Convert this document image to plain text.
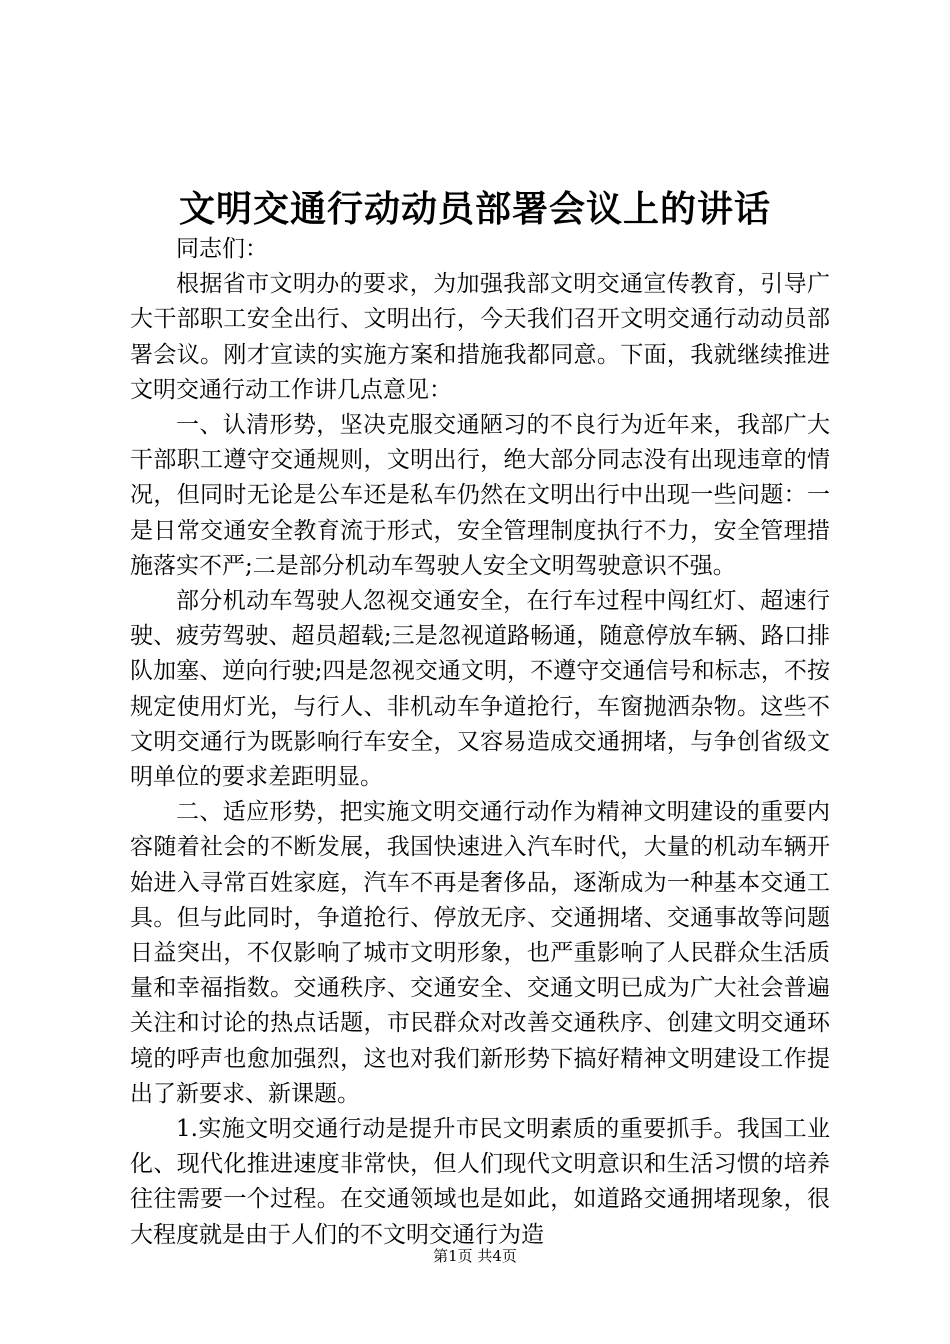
文明交通行动动员部署会议上的讲话

同志们：

根据省市文明办的要求，为加强我部文明交通宣传教育，引导广大干部职工安全出行、文明出行，今天我们召开文明交通行动动员部署会议。刚才宣读的实施方案和措施我都同意。下面，我就继续推进文明交通行动工作讲几点意见：

一、认清形势，坚决克服交通陋习的不良行为近年来，我部广大干部职工遵守交通规则，文明出行，绝大部分同志没有出现违章的情况，但同时无论是公车还是私车仍然在文明出行中出现一些问题：一是日常交通安全教育流于形式，安全管理制度执行不力，安全管理措施落实不严;二是部分机动车驾驶人安全文明驾驶意识不强。

部分机动车驾驶人忽视交通安全，在行车过程中闯红灯、超速行驶、疲劳驾驶、超员超载;三是忽视道路畅通，随意停放车辆、路口排队加塞、逆向行驶;四是忽视交通文明，不遵守交通信号和标志，不按规定使用灯光，与行人、非机动车争道抢行，车窗抛洒杂物。这些不文明交通行为既影响行车安全，又容易造成交通拥堵，与争创省级文明单位的要求差距明显。

二、适应形势，把实施文明交通行动作为精神文明建设的重要内容随着社会的不断发展，我国快速进入汽车时代，大量的机动车辆开始进入寻常百姓家庭，汽车不再是奢侈品，逐渐成为一种基本交通工具。但与此同时，争道抢行、停放无序、交通拥堵、交通事故等问题日益突出，不仅影响了城市文明形象，也严重影响了人民群众生活质量和幸福指数。交通秩序、交通安全、交通文明已成为广大社会普遍关注和讨论的热点话题，市民群众对改善交通秩序、创建文明交通环境的呼声也愈加强烈，这也对我们新形势下搞好精神文明建设工作提出了新要求、新课题。

1.实施文明交通行动是提升市民文明素质的重要抓手。我国工业化、现代化推进速度非常快，但人们现代文明意识和生活习惯的培养往往需要一个过程。在交通领域也是如此，如道路交通拥堵现象，很大程度就是由于人们的不文明交通行为造

第1页 共4页
